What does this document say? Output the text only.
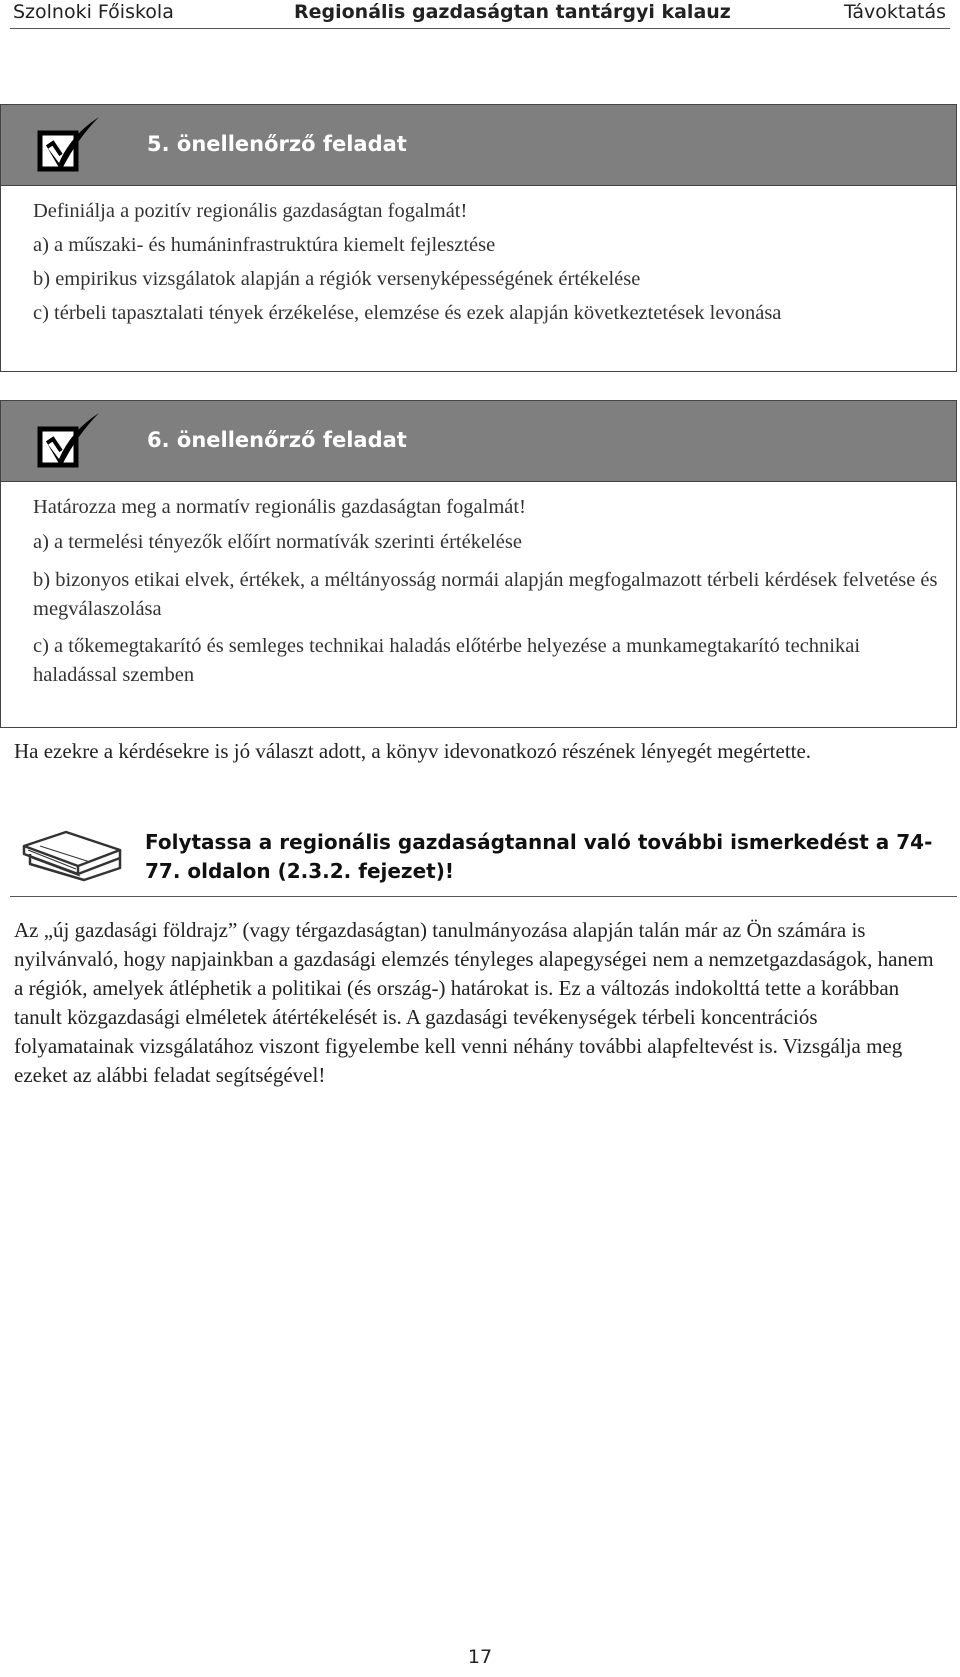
Szolnoki Főiskola	Regionális gazdaságtan tantárgyi kalauz	Távoktatás
5. önellenőrző feladat

Definiálja a pozitív regionális gazdaságtan fogalmát!

a) a műszaki- és humáninfrastruktúra kiemelt fejlesztése

b) empirikus vizsgálatok alapján a régiók versenyképességének értékelése

c) térbeli tapasztalati tények érzékelése, elemzése és ezek alapján következtetések levonása

6. önellenőrző feladat

Határozza meg a normatív regionális gazdaságtan fogalmát!

a) a termelési tényezők előírt normatívák szerinti értékelése

b) bizonyos etikai elvek, értékek, a méltányosság normái alapján megfogalmazott térbeli kérdések felvetése és megválaszolása

c) a tőkemegtakarító és semleges technikai haladás előtérbe helyezése a munkamegtakarító technikai haladással szemben

Ha ezekre a kérdésekre is jó választ adott, a könyv idevonatkozó részének lényegét megértette.

Folytassa a regionális gazdaságtannal való további ismerkedést a 74-77. oldalon (2.3.2. fejezet)!

Az „új gazdasági földrajz” (vagy térgazdaságtan) tanulmányozása alapján talán már az Ön számára is nyilvánvaló, hogy napjainkban a gazdasági elemzés tényleges alapegységei nem a nemzetgazdaságok, hanem a régiók, amelyek átléphetik a politikai (és ország-) határokat is. Ez a változás indokolttá tette a korábban tanult közgazdasági elméletek átértékelését is. A gazdasági tevékenységek térbeli koncentrációs folyamatainak vizsgálatához viszont figyelembe kell venni néhány további alapfeltevést is. Vizsgálja meg ezeket az alábbi feladat segítségével!

17
